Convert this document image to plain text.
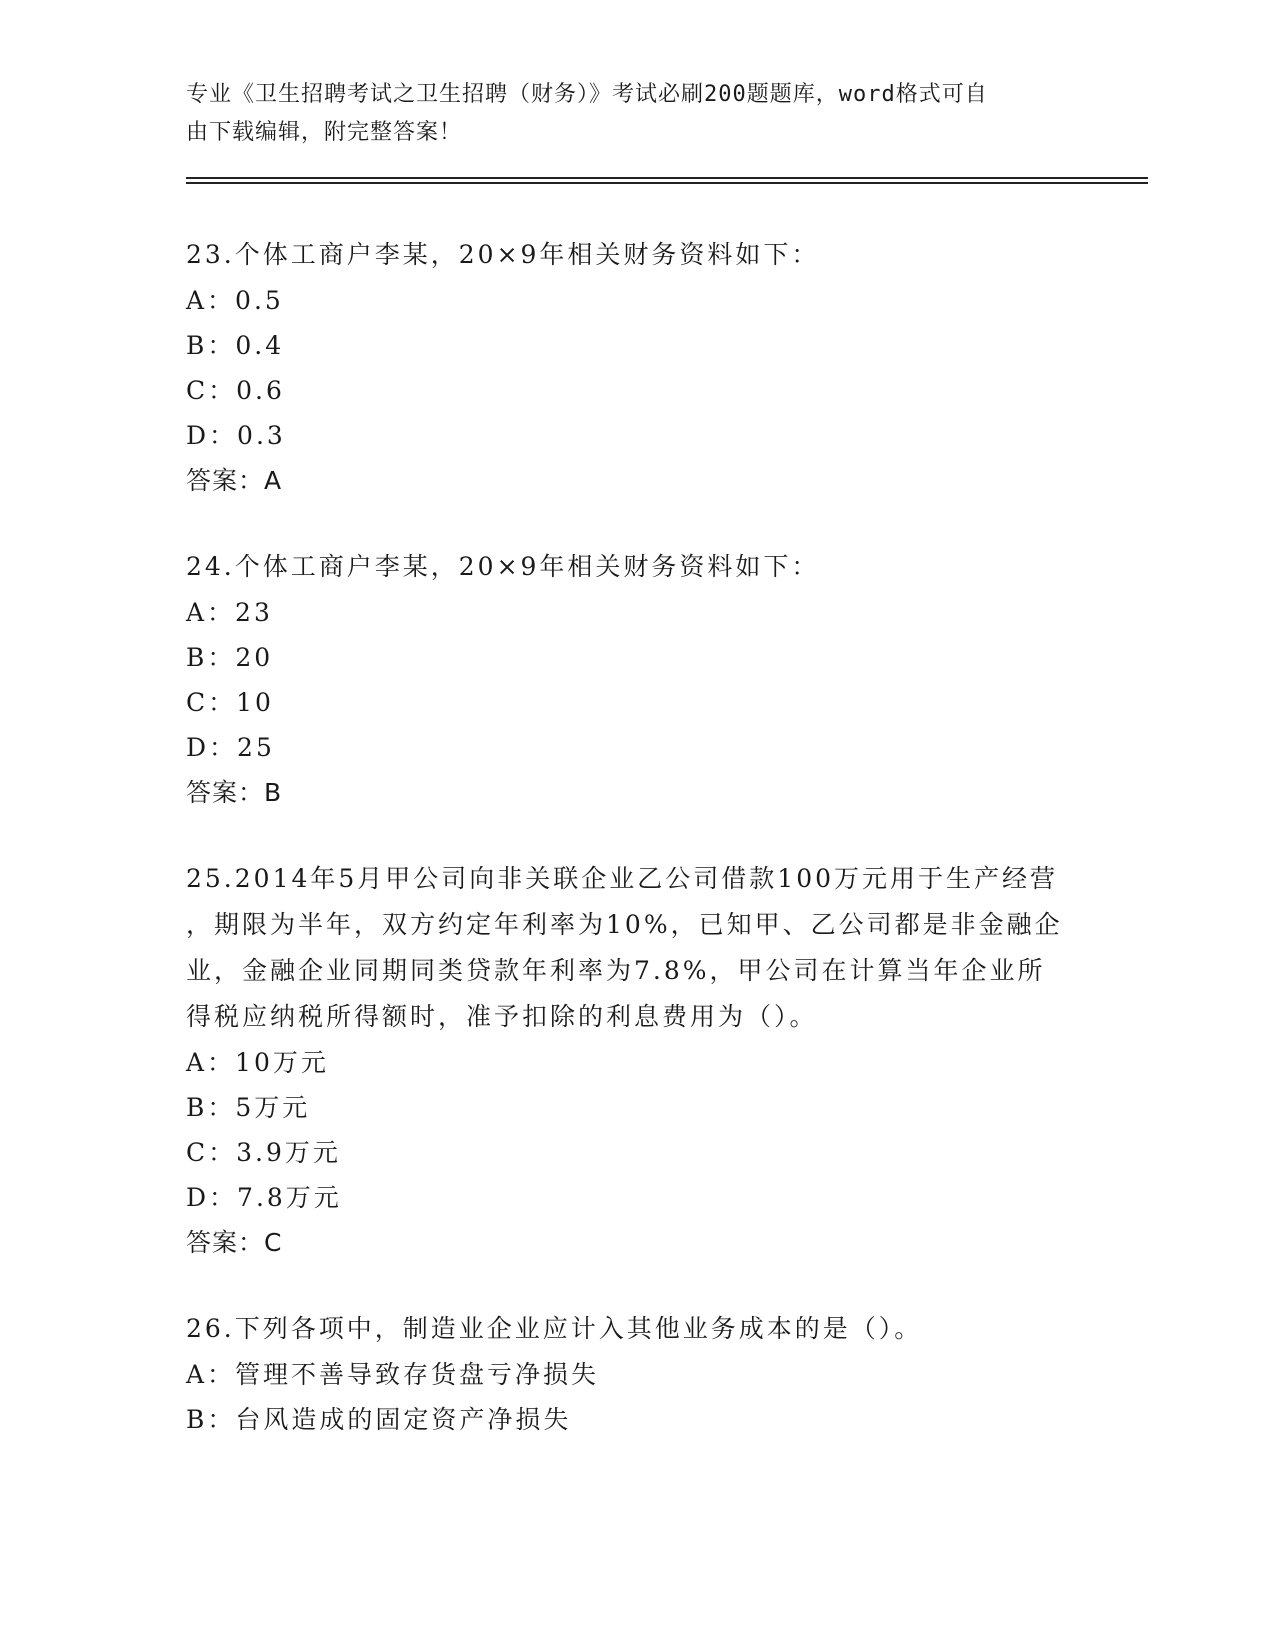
专业《卫生招聘考试之卫生招聘（财务）》考试必刷200题题库，word格式可自
由下载编辑，附完整答案！

23.个体工商户李某，20×9年相关财务资料如下：

A：0.5

B：0.4

C：0.6

D：0.3

答案：A

24.个体工商户李某，20×9年相关财务资料如下：

A：23

B：20

C：10

D：25

答案：B

25.2014年5月甲公司向非关联企业乙公司借款100万元用于生产经营

，期限为半年，双方约定年利率为10%，已知甲、乙公司都是非金融企

业，金融企业同期同类贷款年利率为7.8%，甲公司在计算当年企业所

得税应纳税所得额时，准予扣除的利息费用为（）。

A：10万元

B：5万元

C：3.9万元

D：7.8万元

答案：C

26.下列各项中，制造业企业应计入其他业务成本的是（）。

A：管理不善导致存货盘亏净损失

B：台风造成的固定资产净损失
